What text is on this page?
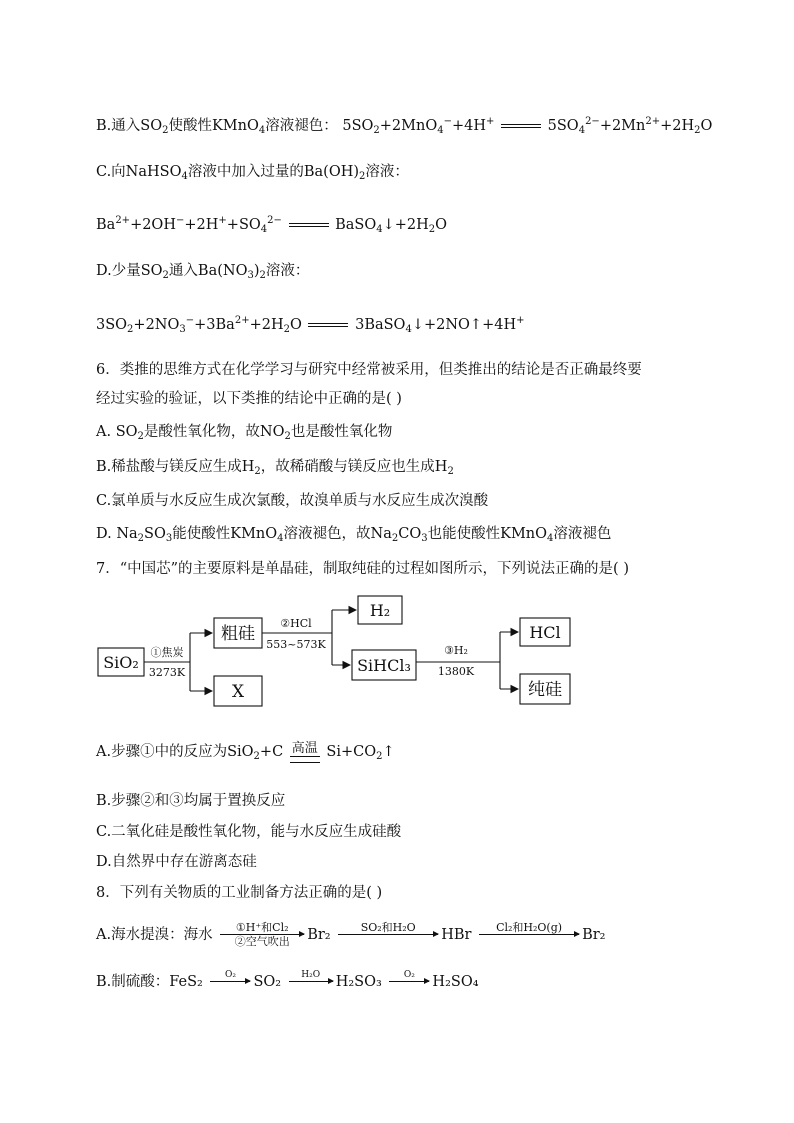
B.通入$SO_2$使酸性KMnO$_4$溶液褪色： $5SO_2+2MnO_4^-+4H^+$	$5SO_4^{2-}+2Mn^{2+}+2H_2O$
C.向NaHSO$_4$溶液中加入过量的$Ba(OH)_2$溶液：
$Ba^{2+}+2OH^-+2H^++SO_4^{2-}$	$BaSO_4↓+2H_2O$
D.少量$SO_2$通入$Ba(NO_3)_2$溶液：
$3SO_2+2NO_3^-+3Ba^{2+}+2H_2O$	3BaSO$_4$↓+2NO↑+4H+
6．类推的思维方式在化学学习与研究中经常被采用，但类推出的结论是否正确最终要
经过实验的验证，以下类推的结论中正确的是( )
A. $SO_2$是酸性氧化物，故$NO_2$也是酸性氧化物
B.稀盐酸与镁反应生成$H_2$，故稀硝酸与镁反应也生成$H_2$
C.氯单质与水反应生成次氯酸，故溴单质与水反应生成次溴酸
D. $Na_2SO_3$能使酸性KMnO$_4$溶液褪色，故$Na_2CO_3$也能使酸性KMnO$_4$溶液褪色
7．“中国芯”的主要原料是单晶硅，制取纯硅的过程如图所示，下列说法正确的是( )
SiO₂
①焦炭
3273K
粗硅
X
②HCl
553~573K
H₂
SiHCl₃
③H₂
1380K
HCl
纯硅
A.步骤①中的反应为SiO$_2$+C 高温 $Si+CO_2↑$
B.步骤②和③均属于置换反应
C.二氧化硅是酸性氧化物，能与水反应生成硅酸
D.自然界中存在游离态硅
8．下列有关物质的工业制备方法正确的是( )
A.海水提溴：海水	①H⁺和Cl₂
②空气吹出	Br₂	SO₂和H₂O
	HBr	Cl₂和H₂O(g)
	Br₂
B.制硫酸：FeS₂	O₂
	SO₂	H₂O
	H₂SO₃	O₂
	H₂SO₄
